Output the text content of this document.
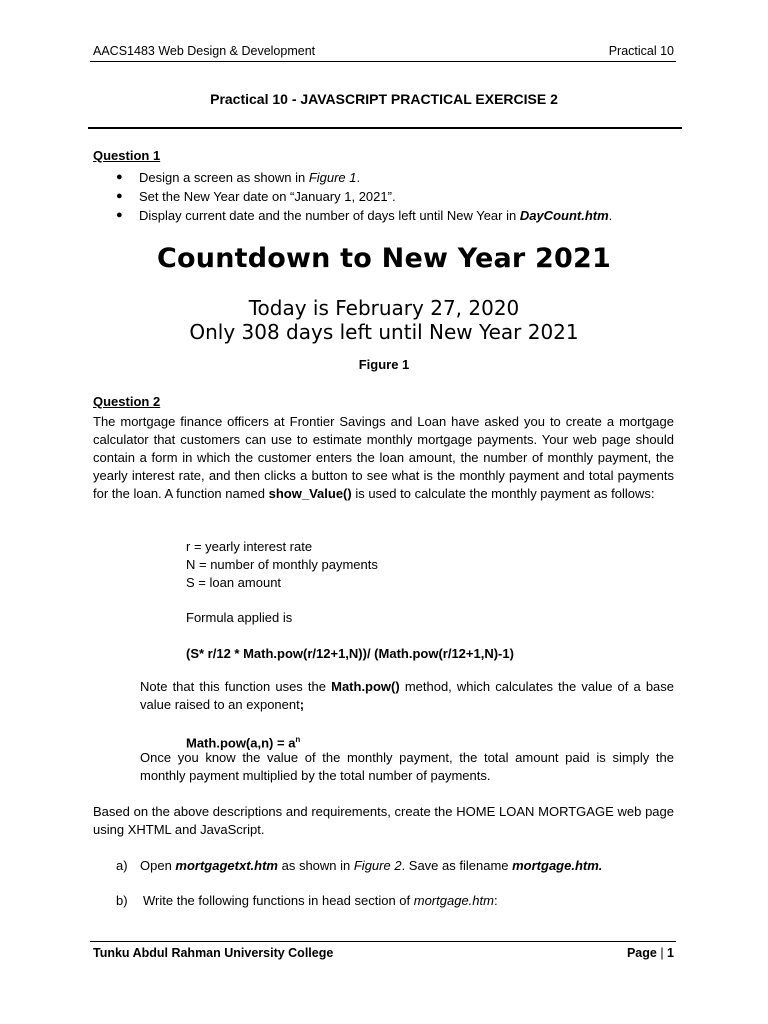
AACS1483 Web Design & Development	Practical 10
Practical 10 - JAVASCRIPT PRACTICAL EXERCISE 2
Question 1
● Design a screen as shown in Figure 1.
● Set the New Year date on “January 1, 2021”.
● Display current date and the number of days left until New Year in DayCount.htm.
Countdown to New Year 2021
Today is February 27, 2020
Only 308 days left until New Year 2021
Figure 1
Question 2

The mortgage finance officers at Frontier Savings and Loan have asked you to create a mortgage calculator that customers can use to estimate monthly mortgage payments. Your web page should contain a form in which the customer enters the loan amount, the number of monthly payment, the yearly interest rate, and then clicks a button to see what is the monthly payment and total payments for the loan. A function named show_Value() is used to calculate the monthly payment as follows:

r = yearly interest rate
N = number of monthly payments
S = loan amount
Formula applied is
(S* r/12 * Math.pow(r/12+1,N))/ (Math.pow(r/12+1,N)-1)

Note that this function uses the Math.pow() method, which calculates the value of a base value raised to an exponent;

Math.pow(a,n) = $a^n$

Once you know the value of the monthly payment, the total amount paid is simply the monthly payment multiplied by the total number of payments.

Based on the above descriptions and requirements, create the HOME LOAN MORTGAGE web page using XHTML and JavaScript.

a) Open mortgagetxt.htm as shown in Figure 2. Save as filename mortgage.htm.
b) Write the following functions in head section of mortgage.htm:
Tunku Abdul Rahman University College	Page | 1
